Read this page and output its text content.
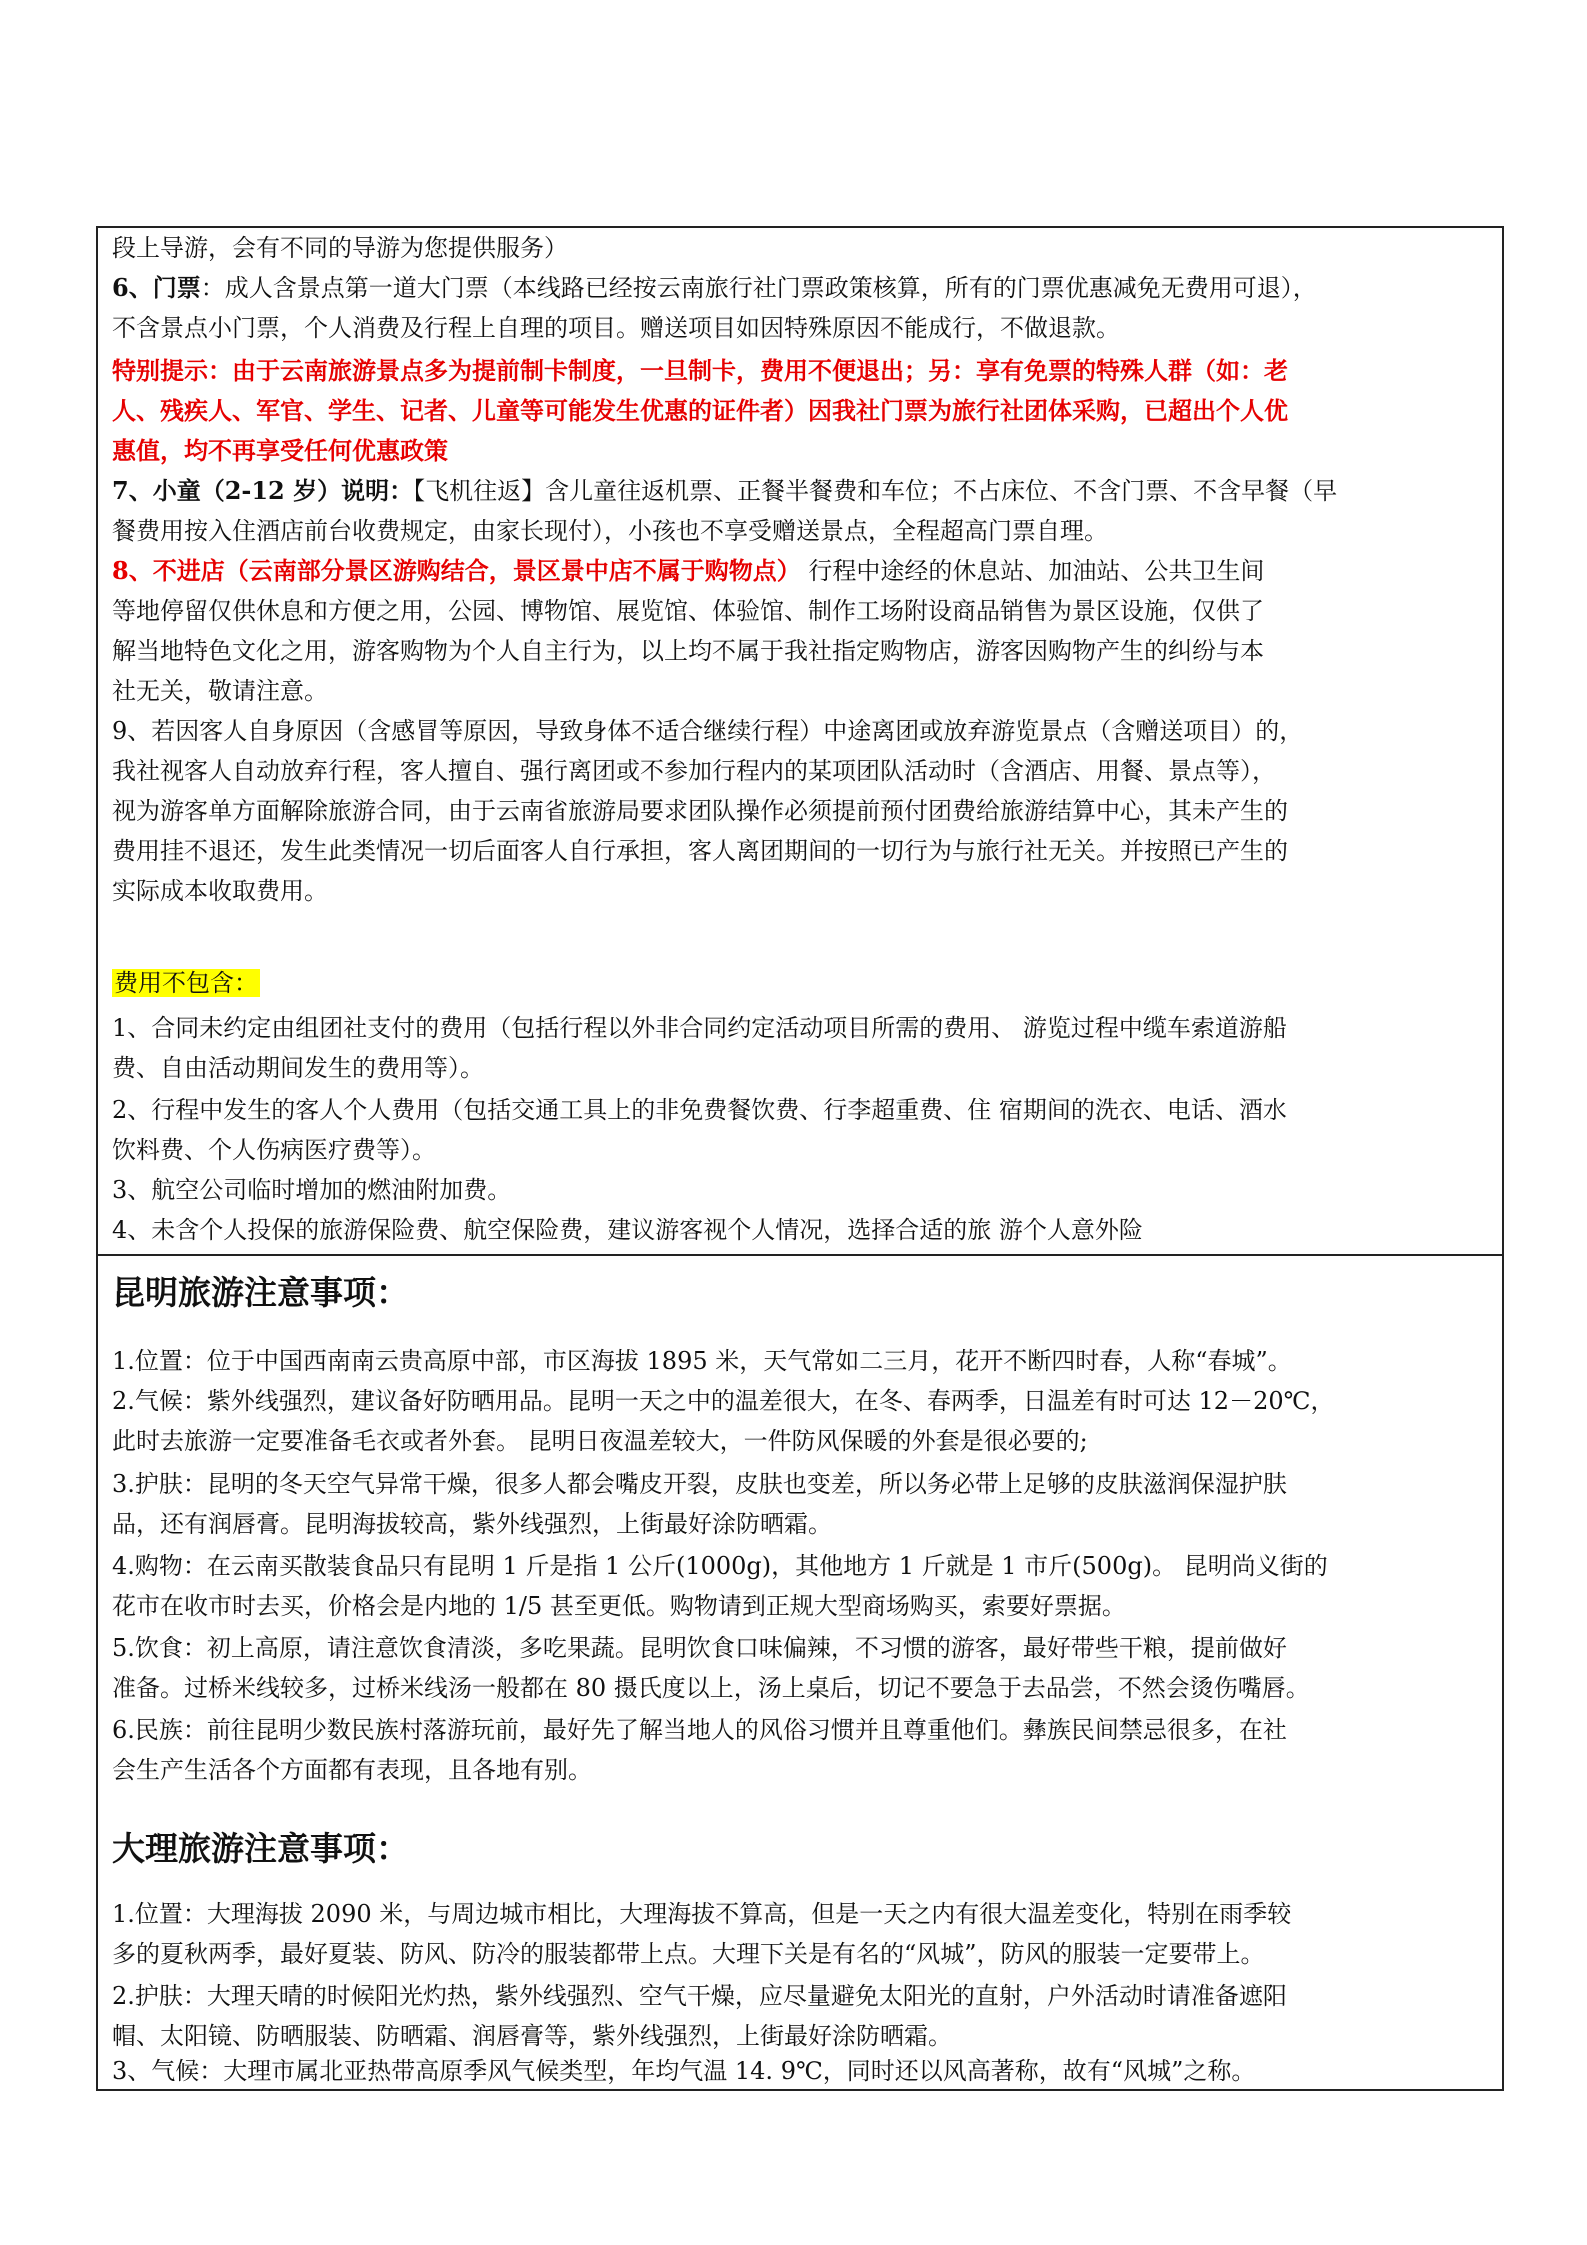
段上导游，会有不同的导游为您提供服务）
6、门票：成人含景点第一道大门票（本线路已经按云南旅行社门票政策核算，所有的门票优惠减免无费用可退），
不含景点小门票，个人消费及行程上自理的项目。赠送项目如因特殊原因不能成行，不做退款。
特别提示：由于云南旅游景点多为提前制卡制度，一旦制卡，费用不便退出；另：享有免票的特殊人群（如：老
人、残疾人、军官、学生、记者、儿童等可能发生优惠的证件者）因我社门票为旅行社团体采购，已超出个人优
惠值，均不再享受任何优惠政策
7、小童（2-12 岁）说明：【飞机往返】含儿童往返机票、正餐半餐费和车位；不占床位、不含门票、不含早餐（早
餐费用按入住酒店前台收费规定，由家长现付），小孩也不享受赠送景点，全程超高门票自理。
8、不进店（云南部分景区游购结合，景区景中店不属于购物点） 行程中途经的休息站、加油站、公共卫生间
等地停留仅供休息和方便之用，公园、博物馆、展览馆、体验馆、制作工场附设商品销售为景区设施，仅供了
解当地特色文化之用，游客购物为个人自主行为，以上均不属于我社指定购物店，游客因购物产生的纠纷与本
社无关，敬请注意。
9、若因客人自身原因（含感冒等原因，导致身体不适合继续行程）中途离团或放弃游览景点（含赠送项目）的，
我社视客人自动放弃行程，客人擅自、强行离团或不参加行程内的某项团队活动时（含酒店、用餐、景点等），
视为游客单方面解除旅游合同，由于云南省旅游局要求团队操作必须提前预付团费给旅游结算中心，其未产生的
费用挂不退还，发生此类情况一切后面客人自行承担，客人离团期间的一切行为与旅行社无关。并按照已产生的
实际成本收取费用。
费用不包含：
1、合同未约定由组团社支付的费用（包括行程以外非合同约定活动项目所需的费用、 游览过程中缆车索道游船
费、自由活动期间发生的费用等）。
2、行程中发生的客人个人费用（包括交通工具上的非免费餐饮费、行李超重费、住 宿期间的洗衣、电话、酒水
饮料费、个人伤病医疗费等）。
3、航空公司临时增加的燃油附加费。
4、未含个人投保的旅游保险费、航空保险费，建议游客视个人情况，选择合适的旅 游个人意外险
昆明旅游注意事项：
1.位置：位于中国西南南云贵高原中部，市区海拔 1895 米，天气常如二三月，花开不断四时春，人称“春城”。
2.气候：紫外线强烈，建议备好防晒用品。昆明一天之中的温差很大，在冬、春两季，日温差有时可达 12－20℃，
此时去旅游一定要准备毛衣或者外套。 昆明日夜温差较大，一件防风保暖的外套是很必要的;
3.护肤：昆明的冬天空气异常干燥，很多人都会嘴皮开裂，皮肤也变差，所以务必带上足够的皮肤滋润保湿护肤
品，还有润唇膏。昆明海拔较高，紫外线强烈，上街最好涂防晒霜。
4.购物：在云南买散装食品只有昆明 1 斤是指 1 公斤(1000g)，其他地方 1 斤就是 1 市斤(500g)。 昆明尚义街的
花市在收市时去买，价格会是内地的 1/5 甚至更低。购物请到正规大型商场购买，索要好票据。
5.饮食：初上高原，请注意饮食清淡，多吃果蔬。昆明饮食口味偏辣，不习惯的游客，最好带些干粮，提前做好
准备。过桥米线较多，过桥米线汤一般都在 80 摄氏度以上，汤上桌后，切记不要急于去品尝，不然会烫伤嘴唇。
6.民族：前往昆明少数民族村落游玩前，最好先了解当地人的风俗习惯并且尊重他们。彝族民间禁忌很多，在社
会生产生活各个方面都有表现，且各地有别。
大理旅游注意事项：
1.位置：大理海拔 2090 米，与周边城市相比，大理海拔不算高，但是一天之内有很大温差变化，特别在雨季较
多的夏秋两季，最好夏装、防风、防冷的服装都带上点。大理下关是有名的“风城”，防风的服装一定要带上。
2.护肤：大理天晴的时候阳光灼热，紫外线强烈、空气干燥，应尽量避免太阳光的直射，户外活动时请准备遮阳
帽、太阳镜、防晒服装、防晒霜、润唇膏等，紫外线强烈，上街最好涂防晒霜。
3、气候：大理市属北亚热带高原季风气候类型，年均气温 14. 9℃，同时还以风高著称，故有“风城”之称。
